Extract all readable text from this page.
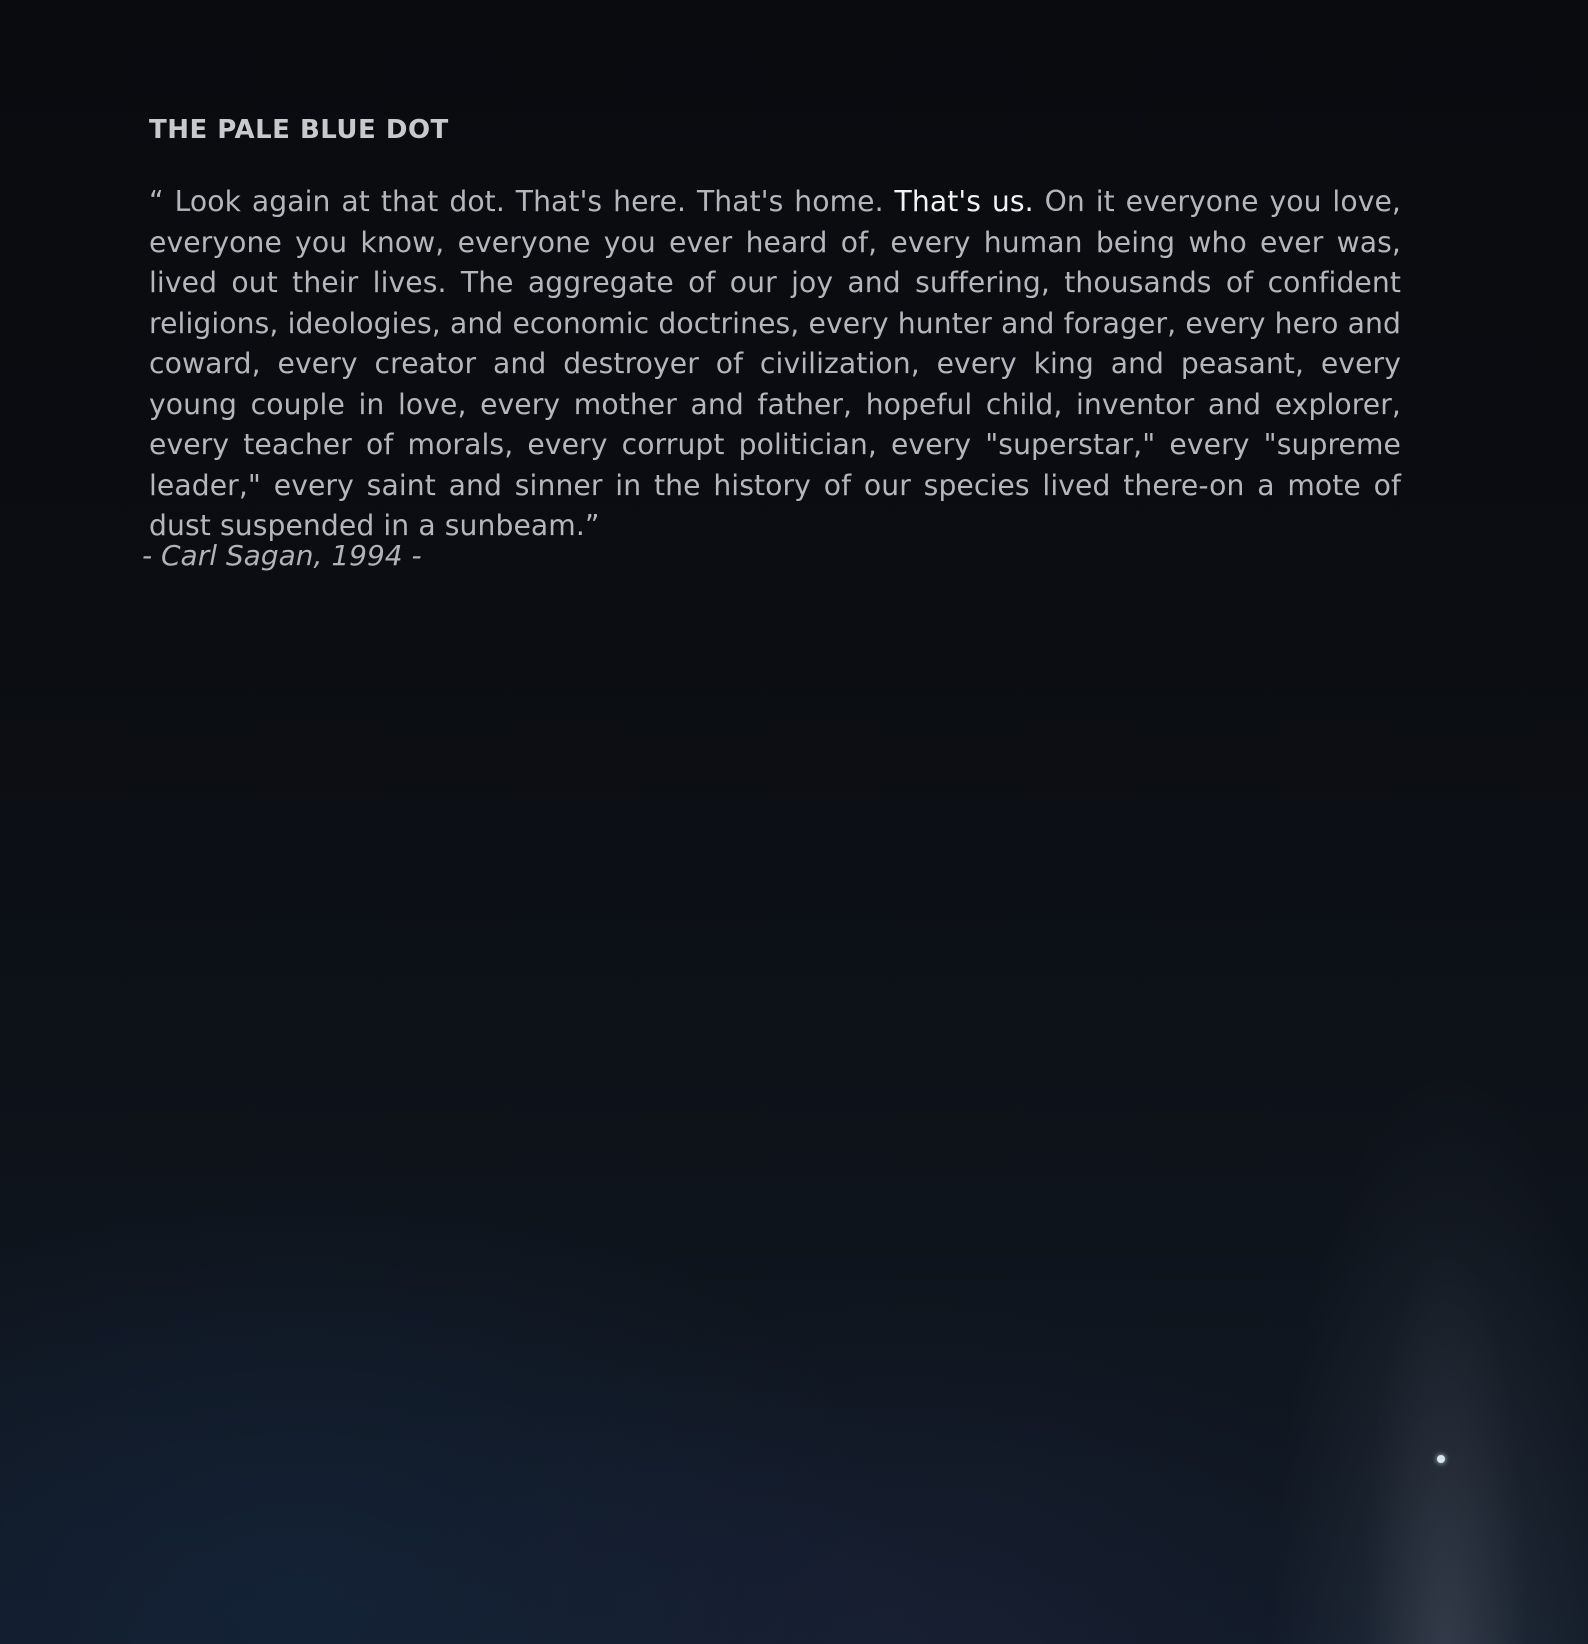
THE PALE BLUE DOT

“ Look again at that dot. That's here. That's home. That's us. On it everyone you love, everyone you know, everyone you ever heard of, every human being who ever was, lived out their lives. The aggregate of our joy and suffering, thousands of confident religions, ideologies, and economic doctrines, every hunter and forager, every hero and coward, every creator and destroyer of civilization, every king and peasant, every young couple in love, every mother and father, hopeful child, inventor and explorer, every teacher of morals, every corrupt politician, every "superstar," every "supreme leader," every saint and sinner in the history of our species lived there-on a mote of dust suspended in a sunbeam.”

- Carl Sagan, 1994 -
